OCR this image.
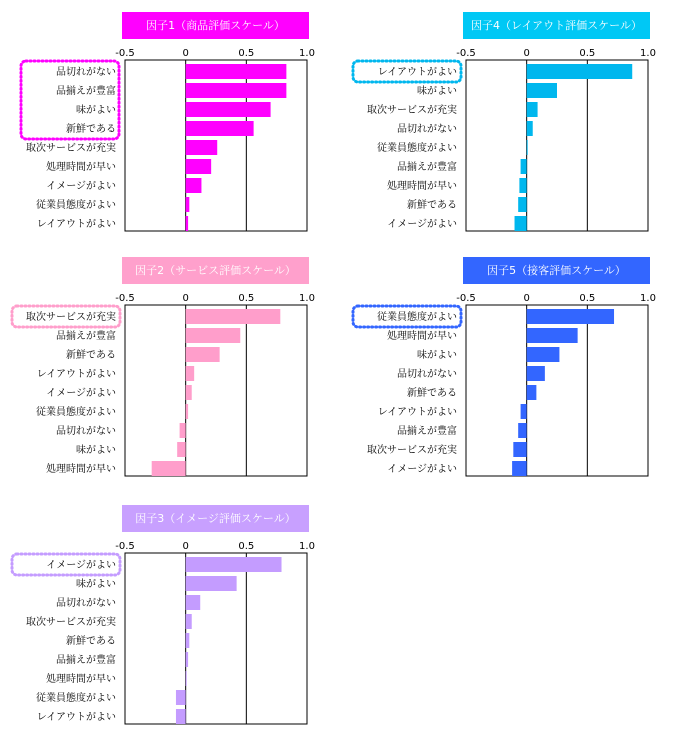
因子1（商品評価スケール）
-0.5	0	0.5	1.0
品切れがない
品揃えが豊富
味がよい
新鮮である
取次サービスが充実
処理時間が早い
イメージがよい
従業員態度がよい
レイアウトがよい
因子4（レイアウト評価スケール）
-0.5	0	0.5	1.0
レイアウトがよい
味がよい
取次サービスが充実
品切れがない
従業員態度がよい
品揃えが豊富
処理時間が早い
新鮮である
イメージがよい
因子2（サービス評価スケール）
-0.5	0	0.5	1.0
取次サービスが充実
品揃えが豊富
新鮮である
レイアウトがよい
イメージがよい
従業員態度がよい
品切れがない
味がよい
処理時間が早い
因子5（接客評価スケール）
-0.5	0	0.5	1.0
従業員態度がよい
処理時間が早い
味がよい
品切れがない
新鮮である
レイアウトがよい
品揃えが豊富
取次サービスが充実
イメージがよい
因子3（イメージ評価スケール）
-0.5	0	0.5	1.0
イメージがよい
味がよい
品切れがない
取次サービスが充実
新鮮である
品揃えが豊富
処理時間が早い
従業員態度がよい
レイアウトがよい
